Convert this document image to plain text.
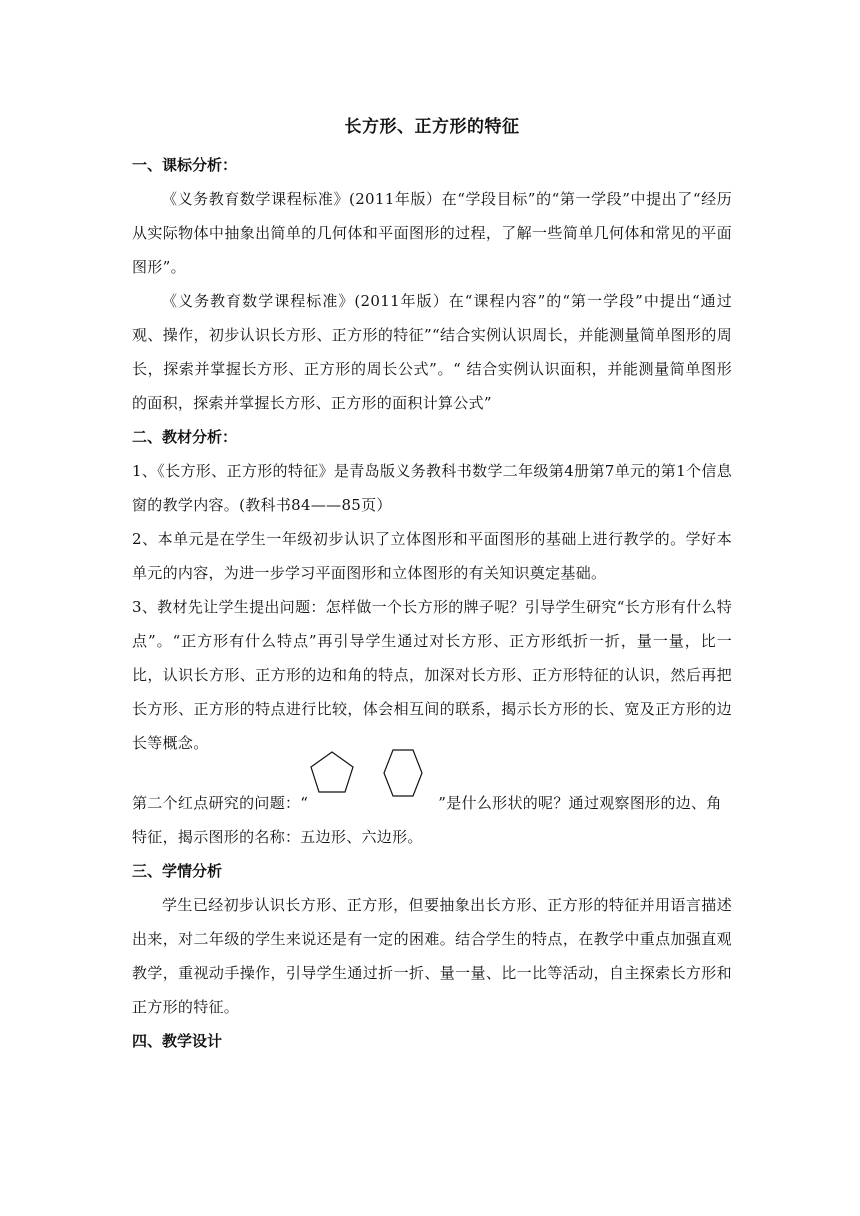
长方形、正方形的特征

一、课标分析：

《义务教育数学课程标准》(2011年版）在“学段目标”的“第一学段”中提出了“经历从实际物体中抽象出简单的几何体和平面图形的过程，了解一些简单几何体和常见的平面图形”。

《义务教育数学课程标准》(2011年版）在“课程内容”的“第一学段”中提出“通过观、操作，初步认识长方形、正方形的特征”“结合实例认识周长，并能测量简单图形的周长，探索并掌握长方形、正方形的周长公式”。“ 结合实例认识面积，并能测量简单图形的面积，探索并掌握长方形、正方形的面积计算公式”

二、教材分析：

1、《长方形、正方形的特征》是青岛版义务教科书数学二年级第4册第7单元的第1个信息窗的教学内容。(教科书84——85页）

2、本单元是在学生一年级初步认识了立体图形和平面图形的基础上进行教学的。学好本单元的内容，为进一步学习平面图形和立体图形的有关知识奠定基础。

3、教材先让学生提出问题：怎样做一个长方形的牌子呢？引导学生研究“长方形有什么特点”。“正方形有什么特点”再引导学生通过对长方形、正方形纸折一折，量一量，比一比，认识长方形、正方形的边和角的特点，加深对长方形、正方形特征的认识，然后再把长方形、正方形的特点进行比较，体会相互间的联系，揭示长方形的长、宽及正方形的边长等概念。

第二个红点研究的问题：“	”是什么形状的呢？通过观察图形的边、角特征，揭示图形的名称：五边形、六边形。

三、学情分析

学生已经初步认识长方形、正方形，但要抽象出长方形、正方形的特征并用语言描述出来，对二年级的学生来说还是有一定的困难。结合学生的特点，在教学中重点加强直观教学，重视动手操作，引导学生通过折一折、量一量、比一比等活动，自主探索长方形和正方形的特征。

四、教学设计
